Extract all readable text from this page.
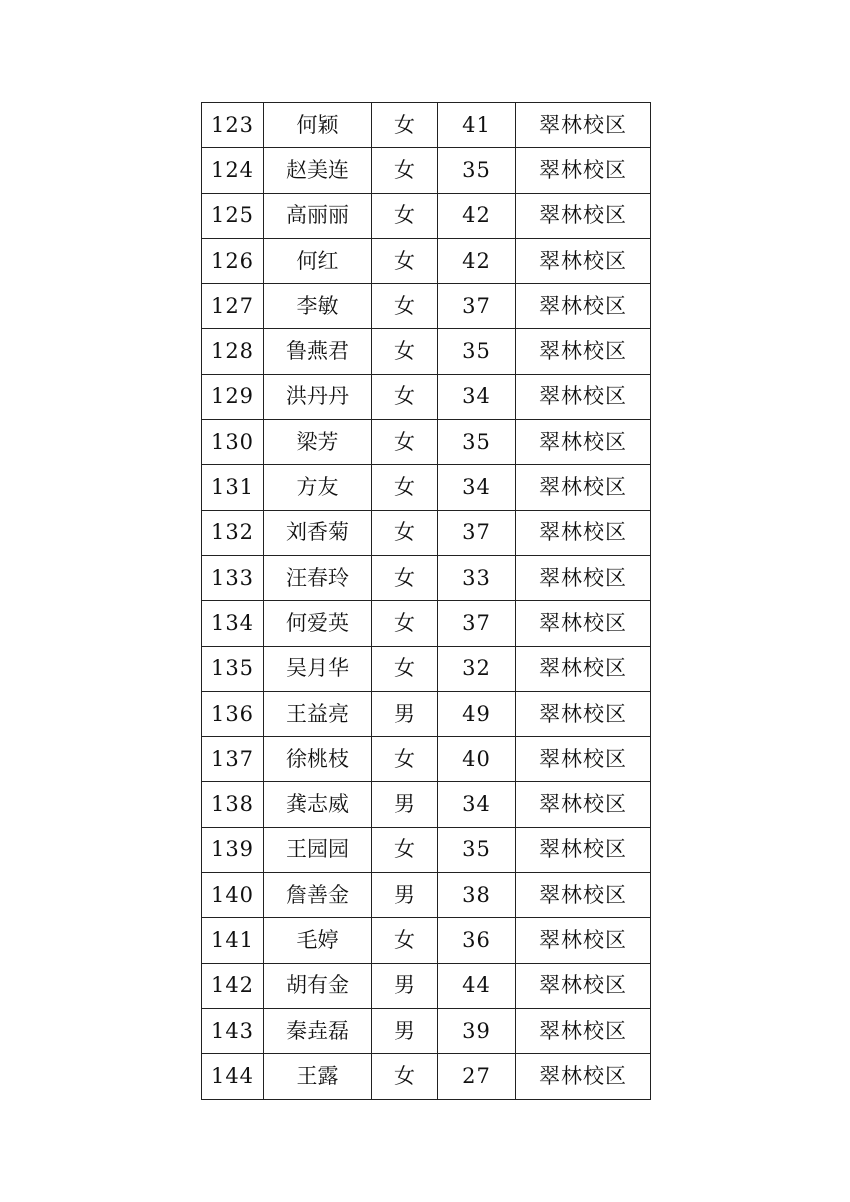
123	何颖	女	41	翠林校区
124	赵美连	女	35	翠林校区
125	高丽丽	女	42	翠林校区
126	何红	女	42	翠林校区
127	李敏	女	37	翠林校区
128	鲁燕君	女	35	翠林校区
129	洪丹丹	女	34	翠林校区
130	梁芳	女	35	翠林校区
131	方友	女	34	翠林校区
132	刘香菊	女	37	翠林校区
133	汪春玲	女	33	翠林校区
134	何爱英	女	37	翠林校区
135	吴月华	女	32	翠林校区
136	王益亮	男	49	翠林校区
137	徐桃枝	女	40	翠林校区
138	龚志威	男	34	翠林校区
139	王园园	女	35	翠林校区
140	詹善金	男	38	翠林校区
141	毛婷	女	36	翠林校区
142	胡有金	男	44	翠林校区
143	秦垚磊	男	39	翠林校区
144	王露	女	27	翠林校区
